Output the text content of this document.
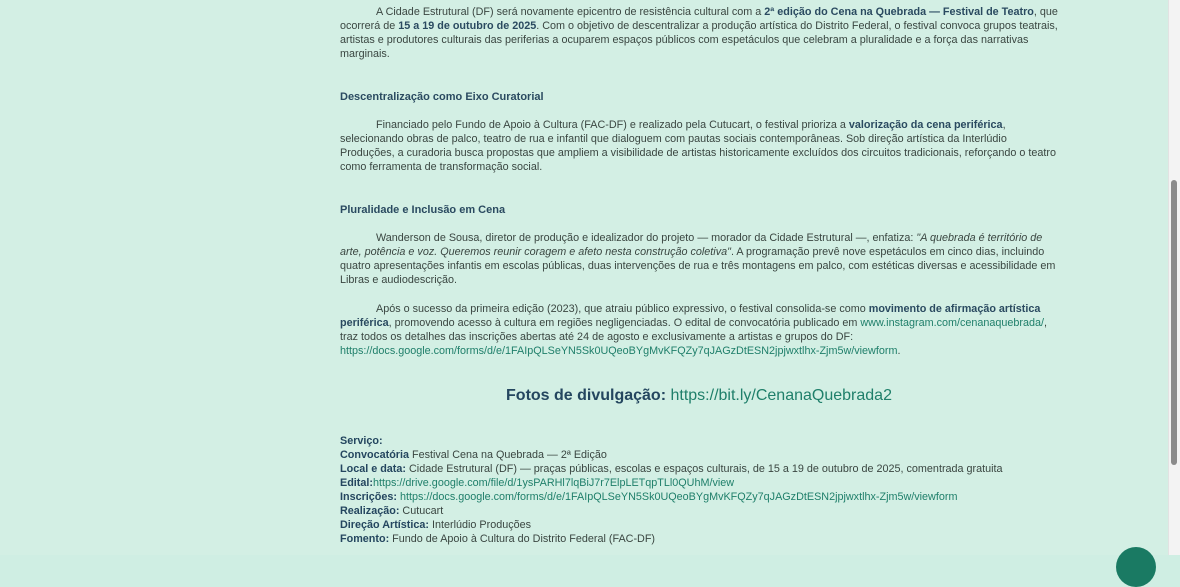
A Cidade Estrutural (DF) será novamente epicentro de resistência cultural com a 2ª edição do Cena na Quebrada — Festival de Teatro, que ocorrerá de 15 a 19 de outubro de 2025. Com o objetivo de descentralizar a produção artística do Distrito Federal, o festival convoca grupos teatrais, artistas e produtores culturais das periferias a ocuparem espaços públicos com espetáculos que celebram a pluralidade e a força das narrativas marginais.

Descentralização como Eixo Curatorial

Financiado pelo Fundo de Apoio à Cultura (FAC-DF) e realizado pela Cutucart, o festival prioriza a valorização da cena periférica, selecionando obras de palco, teatro de rua e infantil que dialoguem com pautas sociais contemporâneas. Sob direção artística da Interlúdio Produções, a curadoria busca propostas que ampliem a visibilidade de artistas historicamente excluídos dos circuitos tradicionais, reforçando o teatro como ferramenta de transformação social.

Pluralidade e Inclusão em Cena

Wanderson de Sousa, diretor de produção e idealizador do projeto — morador da Cidade Estrutural —, enfatiza: "A quebrada é território de arte, potência e voz. Queremos reunir coragem e afeto nesta construção coletiva". A programação prevê nove espetáculos em cinco dias, incluindo quatro apresentações infantis em escolas públicas, duas intervenções de rua e três montagens em palco, com estéticas diversas e acessibilidade em Libras e audiodescrição.

Após o sucesso da primeira edição (2023), que atraiu público expressivo, o festival consolida-se como movimento de afirmação artística periférica, promovendo acesso à cultura em regiões negligenciadas. O edital de convocatória publicado em www.instagram.com/cenanaquebrada/, traz todos os detalhes das inscrições abertas até 24 de agosto e exclusivamente a artistas e grupos do DF: https://docs.google.com/forms/d/e/1FAIpQLSeYN5Sk0UQeoBYgMvKFQZy7qJAGzDtESN2jpjwxtlhx-Zjm5w/viewform.

Fotos de divulgação: https://bit.ly/CenanaQuebrada2
Serviço:
Convocatória Festival Cena na Quebrada — 2ª Edição
Local e data: Cidade Estrutural (DF) — praças públicas, escolas e espaços culturais, de 15 a 19 de outubro de 2025, comentrada gratuita
Edital:https://drive.google.com/file/d/1ysPARHl7lqBiJ7r7ElpLETqpTLl0QUhM/view
Inscrições: https://docs.google.com/forms/d/e/1FAIpQLSeYN5Sk0UQeoBYgMvKFQZy7qJAGzDtESN2jpjwxtlhx-Zjm5w/viewform
Realização: Cutucart
Direção Artística: Interlúdio Produções
Fomento: Fundo de Apoio à Cultura do Distrito Federal (FAC-DF)
